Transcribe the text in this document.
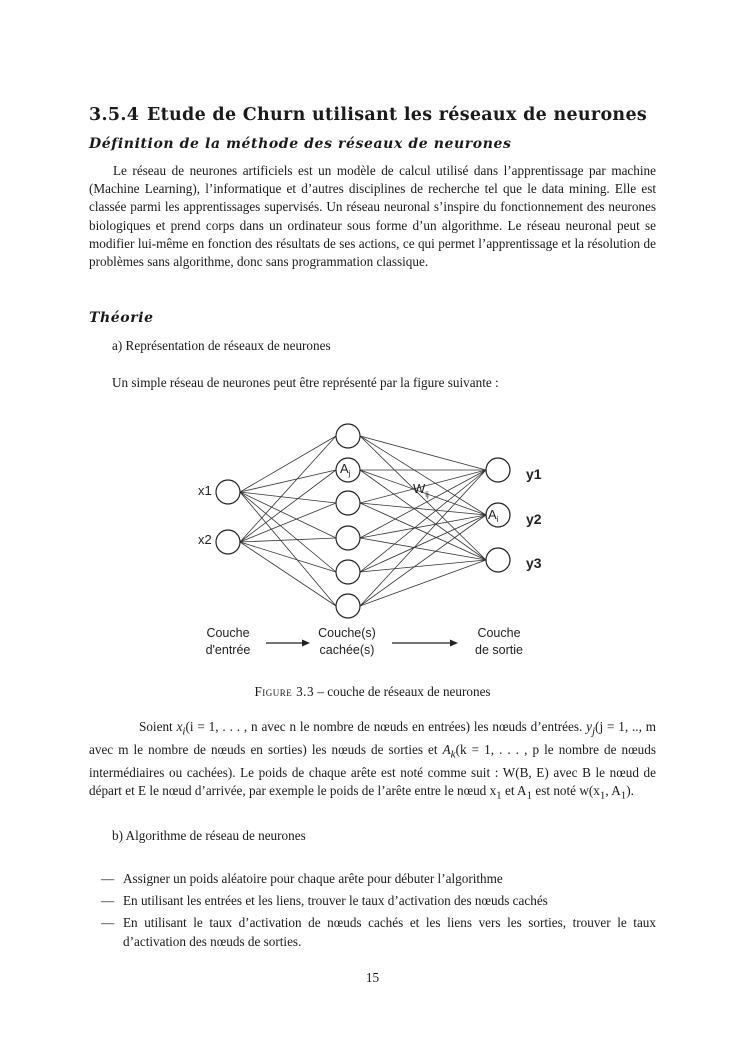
3.5.4 Etude de Churn utilisant les réseaux de neurones
Définition de la méthode des réseaux de neurones
Le réseau de neurones artificiels est un modèle de calcul utilisé dans l’apprentissage par machine (Machine Learning), l’informatique et d’autres disciplines de recherche tel que le data mining. Elle est classée parmi les apprentissages supervisés. Un réseau neuronal s’inspire du fonctionnement des neurones biologiques et prend corps dans un ordinateur sous forme d’un algorithme. Le réseau neuronal peut se modifier lui-même en fonction des résultats de ses actions, ce qui permet l’apprentissage et la résolution de problèmes sans algorithme, donc sans programmation classique.
Théorie
a) Représentation de réseaux de neurones
Un simple réseau de neurones peut être représenté par la figure suivante :
x1
x2
$A_j$
$W_{ij}$
$A_i$
y1
y2
y3
Couche
d'entrée
Couche(s)
cachée(s)
Couche
de sortie
Figure 3.3 – couche de réseaux de neurones
Soient $x_i(i = 1$, . . . , n avec n le nombre de nœuds en entrées) les nœuds d’entrées. $y_j(j = 1$, .., m avec m le nombre de nœuds en sorties) les nœuds de sorties et $A_k(k = 1$, . . . , p le nombre de nœuds intermédiaires ou cachées). Le poids de chaque arête est noté comme suit : W(B, E) avec B le nœud de départ et E le nœud d’arrivée, par exemple le poids de l’arête entre le nœud $x_1$ et $A_1$ est noté $w(x_1$, $A_1$).
b) Algorithme de réseau de neurones
— Assigner un poids aléatoire pour chaque arête pour débuter l’algorithme
— En utilisant les entrées et les liens, trouver le taux d’activation des nœuds cachés
— En utilisant le taux d’activation de nœuds cachés et les liens vers les sorties, trouver le taux d’activation des nœuds de sorties.
15
